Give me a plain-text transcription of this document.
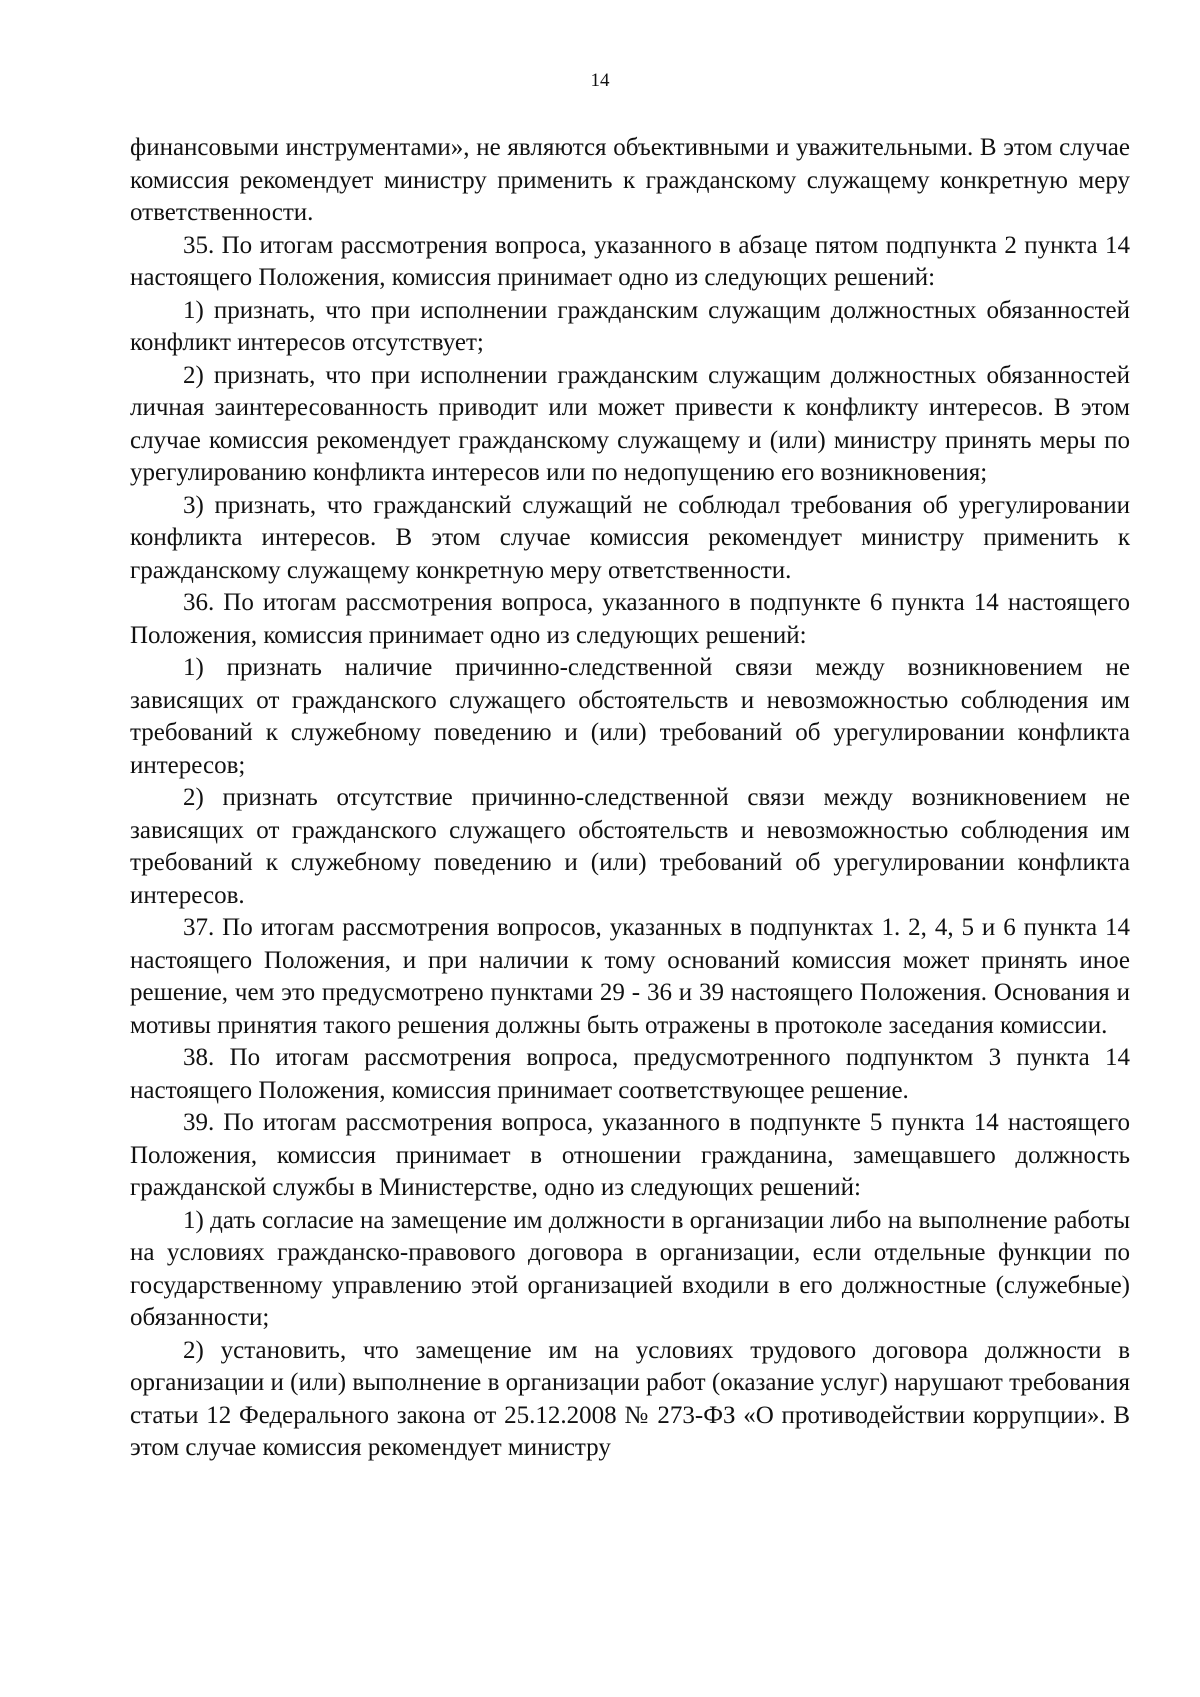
14

финансовыми инструментами», не являются объективными и уважительными. В этом случае комиссия рекомендует министру применить к гражданскому служащему конкретную меру ответственности.

35. По итогам рассмотрения вопроса, указанного в абзаце пятом подпункта 2 пункта 14 настоящего Положения, комиссия принимает одно из следующих решений:

1) признать, что при исполнении гражданским служащим должностных обязанностей конфликт интересов отсутствует;

2) признать, что при исполнении гражданским служащим должностных обязанностей личная заинтересованность приводит или может привести к конфликту интересов. В этом случае комиссия рекомендует гражданскому служащему и (или) министру принять меры по урегулированию конфликта интересов или по недопущению его возникновения;

3) признать, что гражданский служащий не соблюдал требования об урегулировании конфликта интересов. В этом случае комиссия рекомендует министру применить к гражданскому служащему конкретную меру ответственности.

36. По итогам рассмотрения вопроса, указанного в подпункте 6 пункта 14 настоящего Положения, комиссия принимает одно из следующих решений:

1) признать наличие причинно-следственной связи между возникновением не зависящих от гражданского служащего обстоятельств и невозможностью соблюдения им требований к служебному поведению и (или) требований об урегулировании конфликта интересов;

2) признать отсутствие причинно-следственной связи между возникновением не зависящих от гражданского служащего обстоятельств и невозможностью соблюдения им требований к служебному поведению и (или) требований об урегулировании конфликта интересов.

37. По итогам рассмотрения вопросов, указанных в подпунктах 1. 2, 4, 5 и 6 пункта 14 настоящего Положения, и при наличии к тому оснований комиссия может принять иное решение, чем это предусмотрено пунктами 29 - 36 и 39 настоящего Положения. Основания и мотивы принятия такого решения должны быть отражены в протоколе заседания комиссии.

38. По итогам рассмотрения вопроса, предусмотренного подпунктом 3 пункта 14 настоящего Положения, комиссия принимает соответствующее решение.

39. По итогам рассмотрения вопроса, указанного в подпункте 5 пункта 14 настоящего Положения, комиссия принимает в отношении гражданина, замещавшего должность гражданской службы в Министерстве, одно из следующих решений:

1) дать согласие на замещение им должности в организации либо на выполнение работы на условиях гражданско-правового договора в организации, если отдельные функции по государственному управлению этой организацией входили в его должностные (служебные) обязанности;

2) установить, что замещение им на условиях трудового договора должности в организации и (или) выполнение в организации работ (оказание услуг) нарушают требования статьи 12 Федерального закона от 25.12.2008 № 273-ФЗ «О противодействии коррупции». В этом случае комиссия рекомендует министру
